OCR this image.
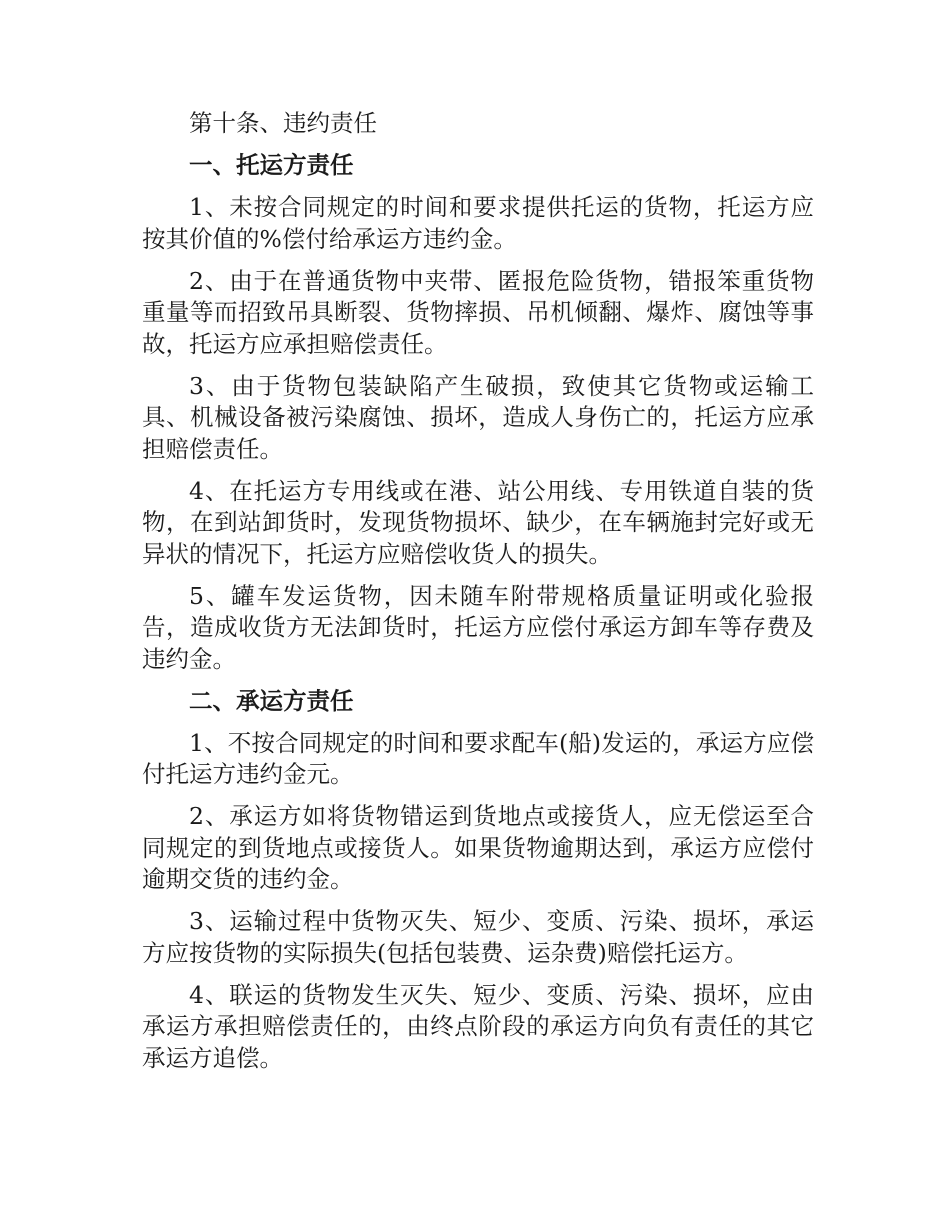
第十条、违约责任

一、托运方责任

1、未按合同规定的时间和要求提供托运的货物，托运方应按其价值的%偿付给承运方违约金。

2、由于在普通货物中夹带、匿报危险货物，错报笨重货物重量等而招致吊具断裂、货物摔损、吊机倾翻、爆炸、腐蚀等事故，托运方应承担赔偿责任。

3、由于货物包装缺陷产生破损，致使其它货物或运输工具、机械设备被污染腐蚀、损坏，造成人身伤亡的，托运方应承担赔偿责任。

4、在托运方专用线或在港、站公用线、专用铁道自装的货物，在到站卸货时，发现货物损坏、缺少，在车辆施封完好或无异状的情况下，托运方应赔偿收货人的损失。

5、罐车发运货物，因未随车附带规格质量证明或化验报告，造成收货方无法卸货时，托运方应偿付承运方卸车等存费及违约金。

二、承运方责任

1、不按合同规定的时间和要求配车(船)发运的，承运方应偿付托运方违约金元。

2、承运方如将货物错运到货地点或接货人，应无偿运至合同规定的到货地点或接货人。如果货物逾期达到，承运方应偿付逾期交货的违约金。

3、运输过程中货物灭失、短少、变质、污染、损坏，承运方应按货物的实际损失(包括包装费、运杂费)赔偿托运方。

4、联运的货物发生灭失、短少、变质、污染、损坏，应由承运方承担赔偿责任的，由终点阶段的承运方向负有责任的其它承运方追偿。
